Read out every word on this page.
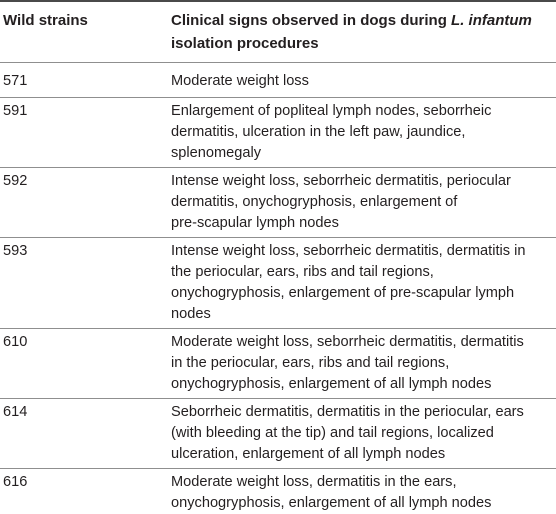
Wild strains	Clinical signs observed in dogs during L. infantum
isolation procedures
571	Moderate weight loss
591	Enlargement of popliteal lymph nodes, seborrheic
dermatitis, ulceration in the left paw, jaundice,
splenomegaly
592	Intense weight loss, seborrheic dermatitis, periocular
dermatitis, onychogryphosis, enlargement of
pre-scapular lymph nodes
593	Intense weight loss, seborrheic dermatitis, dermatitis in
the periocular, ears, ribs and tail regions,
onychogryphosis, enlargement of pre-scapular lymph
nodes
610	Moderate weight loss, seborrheic dermatitis, dermatitis
in the periocular, ears, ribs and tail regions,
onychogryphosis, enlargement of all lymph nodes
614	Seborrheic dermatitis, dermatitis in the periocular, ears
(with bleeding at the tip) and tail regions, localized
ulceration, enlargement of all lymph nodes
616	Moderate weight loss, dermatitis in the ears,
onychogryphosis, enlargement of all lymph nodes
